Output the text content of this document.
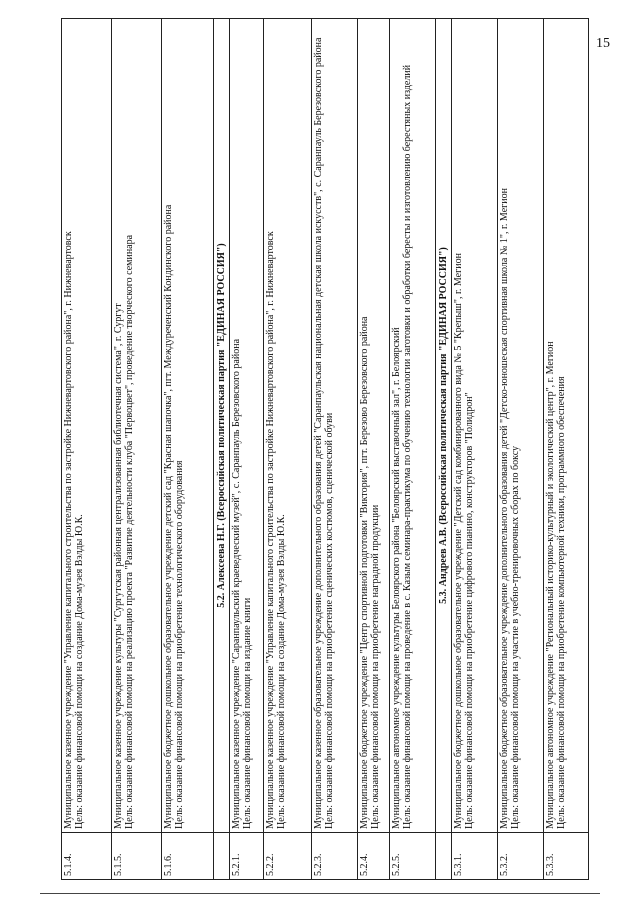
15
5.1.4.	Муниципальное казенное учреждение "Управление капитального строительства по застройке Нижневартовского района", г. Нижневартовск Цель: оказание финансовой помощи на создание Дома-музея Вэлды Ю.К.

5.1.5.	Муниципальное казенное учреждение культуры "Сургутская районная централизованная библиотечная система", г. Сургут Цель: оказание финансовой помощи на реализацию проекта "Развитие деятельности клуба "Первоцвет", проведение творческого семинара

5.1.6.	Муниципальное бюджетное дошкольное образовательное учреждение детский сад "Красная шапочка", пгт. Междуреченский Кондинского района Цель: оказание финансовой помощи на приобретение технологического оборудования

	5.2. Алексеева Н.Г. (Всероссийская политическая партия "ЕДИНАЯ РОССИЯ")
5.2.1.	Муниципальное казенное учреждение "Саранпаульский краеведческий музей", с. Саранпауль Березовского района Цель: оказание финансовой помощи на издание книги

5.2.2.	Муниципальное казенное учреждение "Управление капитального строительства по застройке Нижневартовского района", г. Нижневартовск Цель: оказание финансовой помощи на создание Дома-музея Вэлды Ю.К.

5.2.3.	Муниципальное казенное образовательное учреждение дополнительного образования детей "Саранпаульская национальная детская школа искусств", с. Саранпауль Березовского района Цель: оказание финансовой помощи на приобретение сценических костюмов, сценической обуви

5.2.4.	Муниципальное бюджетное учреждение "Центр спортивной подготовки "Виктория", пгт. Березово Березовского района Цель: оказание финансовой помощи на приобретение наградной продукции

5.2.5.	Муниципальное автономное учреждение культуры Белоярского района "Белоярский выставочный зал", г. Белоярский Цель: оказание финансовой помощи на проведение в с. Казым семинара-практикума по обучению технологии заготовки и обработки бересты и изготовлению берестяных изделий

	5.3. Андреев А.В. (Всероссийская политическая партия "ЕДИНАЯ РОССИЯ")
5.3.1.	Муниципальное бюджетное дошкольное образовательное учреждение "Детский сад комбинированного вида № 5 "Крепыш", г. Мегион Цель: оказание финансовой помощи на приобретение цифрового пианино, конструкторов "Полидрон"

5.3.2.	Муниципальное бюджетное образовательное учреждение дополнительного образования детей "Детско-юношеская спортивная школа № 1", г. Мегион Цель: оказание финансовой помощи на участие в учебно-тренировочных сборах по боксу

5.3.3.	Муниципальное автономное учреждение "Региональный историко-культурный и экологический центр", г. Мегион Цель: оказание финансовой помощи на приобретение компьютерной техники, программного обеспечения
